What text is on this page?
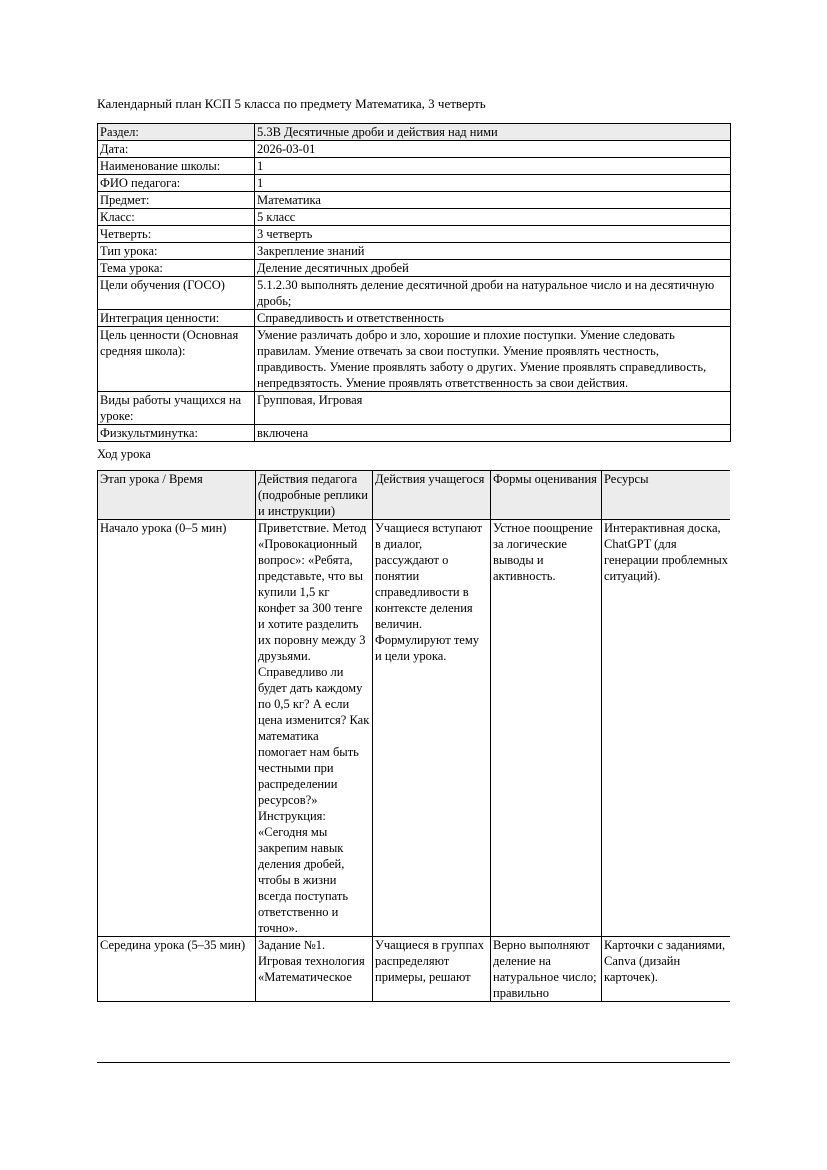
Календарный план КСП 5 класса по предмету Математика, 3 четверть

Раздел:	5.3В Десятичные дроби и действия над ними
Дата:	2026-03-01
Наименование школы:	1
ФИО педагога:	1
Предмет:	Математика
Класс:	5 класс
Четверть:	3 четверть
Тип урока:	Закрепление знаний
Тема урока:	Деление десятичных дробей
Цели обучения (ГОСО)	5.1.2.30 выполнять деление десятичной дроби на натуральное число и на десятичную дробь;
Интеграция ценности:	Справедливость и ответственность
Цель ценности (Основная средняя школа):	Умение различать добро и зло, хорошие и плохие поступки. Умение следовать правилам. Умение отвечать за свои поступки. Умение проявлять честность, правдивость. Умение проявлять заботу о других. Умение проявлять справедливость, непредвзятость. Умение проявлять ответственность за свои действия.
Виды работы учащихся на уроке:	Групповая, Игровая
Физкультминутка:	включена

Ход урока

Этап урока / Время	Действия педагога (подробные реплики и инструкции)	Действия учащегося	Формы оценивания	Ресурсы
Начало урока (0–5 мин)	Приветствие. Метод «Провокационный вопрос»: «Ребята, представьте, что вы купили 1,5 кг конфет за 300 тенге и хотите разделить их поровну между 3 друзьями. Справедливо ли будет дать каждому по 0,5 кг? А если цена изменится? Как математика помогает нам быть честными при распределении ресурсов?» Инструкция: «Сегодня мы закрепим навык деления дробей, чтобы в жизни всегда поступать ответственно и точно».	Учащиеся вступают в диалог, рассуждают о понятии справедливости в контексте деления величин. Формулируют тему и цели урока.	Устное поощрение за логические выводы и активность.	Интерактивная доска, ChatGPT (для генерации проблемных ситуаций).
Середина урока (5–35 мин)	Задание №1. Игровая технология «Математическое	Учащиеся в группах распределяют примеры, решают	Верно выполняют деление на натуральное число; правильно	Карточки с заданиями, Canva (дизайн карточек).
